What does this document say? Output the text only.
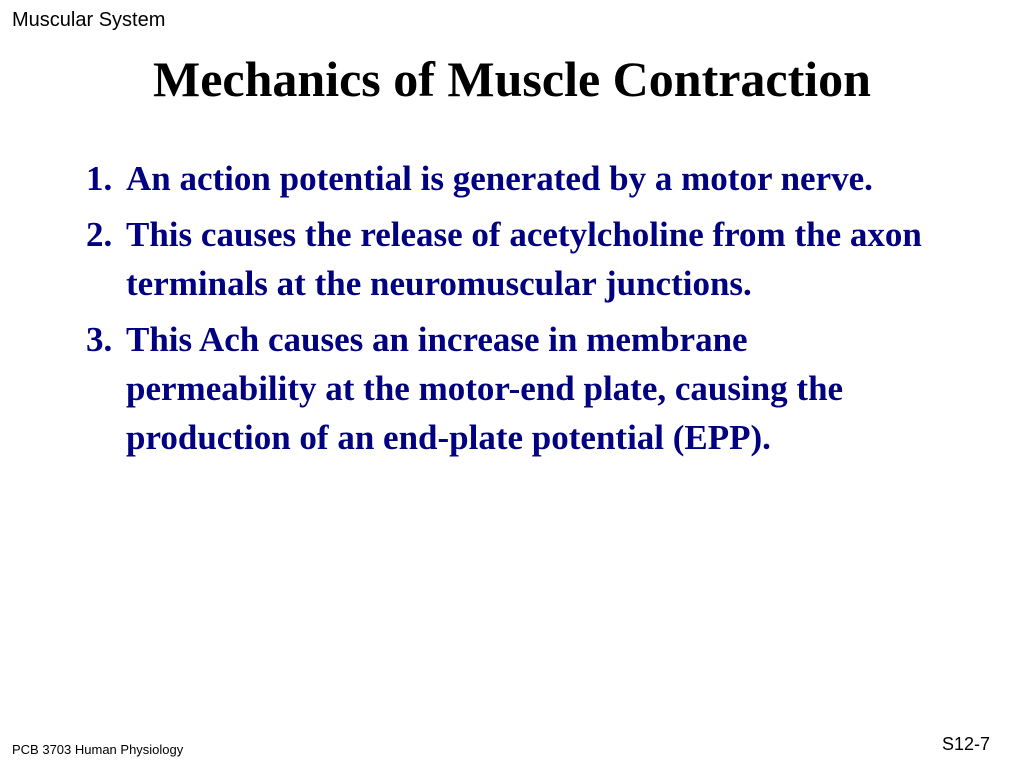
Muscular System
Mechanics of Muscle Contraction
1. An action potential is generated by a motor nerve.
2. This causes the release of acetylcholine from the axon terminals at the neuromuscular junctions.
3. This Ach causes an increase in membrane permeability at the motor-end plate, causing the production of an end-plate potential (EPP).
PCB 3703 Human Physiology	S12-7
